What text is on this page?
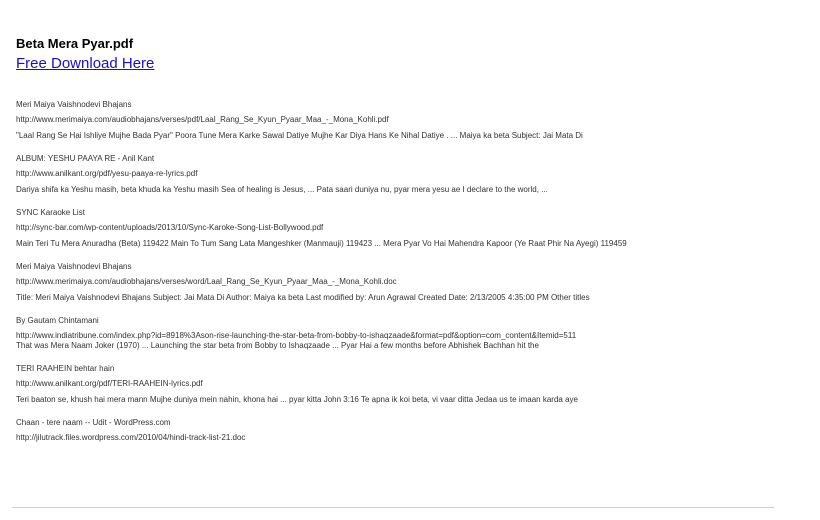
Beta Mera Pyar.pdf
Free Download Here
Meri Maiya Vaishnodevi Bhajans
http://www.merimaiya.com/audiobhajans/verses/pdf/Laal_Rang_Se_Kyun_Pyaar_Maa_-_Mona_Kohli.pdf
"Laal Rang Se Hai Ishliye Mujhe Bada Pyar" Poora Tune Mera Karke Sawal Datiye Mujhe Kar Diya Hans Ke Nihal Datiye . ... Maiya ka beta Subject: Jai Mata Di
ALBUM: YESHU PAAYA RE - Anil Kant
http://www.anilkant.org/pdf/yesu-paaya-re-lyrics.pdf
Dariya shifa ka Yeshu masih, beta khuda ka Yeshu masih Sea of healing is Jesus, ... Pata saari duniya nu, pyar mera yesu ae I declare to the world, ...
SYNC Karaoke List
http://sync-bar.com/wp-content/uploads/2013/10/Sync-Karoke-Song-List-Bollywood.pdf
Main Teri Tu Mera Anuradha (Beta) 119422 Main To Tum Sang Lata Mangeshker (Manmauji) 119423 ... Mera Pyar Vo Hai Mahendra Kapoor (Ye Raat Phir Na Ayegi) 119459
Meri Maiya Vaishnodevi Bhajans
http://www.merimaiya.com/audiobhajans/verses/word/Laal_Rang_Se_Kyun_Pyaar_Maa_-_Mona_Kohli.doc
Title: Meri Maiya Vaishnodevi Bhajans Subject: Jai Mata Di Author: Maiya ka beta Last modified by: Arun Agrawal Created Date: 2/13/2005 4:35:00 PM Other titles
By Gautam Chintamani
http://www.indiatribune.com/index.php?id=8918%3Ason-rise-launching-the-star-beta-from-bobby-to-ishaqzaade&format=pdf&option=com_content&Itemid=511
That was Mera Naam Joker (1970) ... Launching the star beta from Bobby to Ishaqzaade ... Pyar Hai a few months before Abhishek Bachhan hit the
TERI RAAHEIN behtar hain
http://www.anilkant.org/pdf/TERI-RAAHEIN-lyrics.pdf
Teri baaton se, khush hai mera mann Mujhe duniya mein nahin, khona hai ... pyar kitta John 3:16 Te apna ik koi beta, vi vaar ditta Jedaa us te imaan karda aye
Chaan - tere naam -- Udit - WordPress.com
http://jilutrack.files.wordpress.com/2010/04/hindi-track-list-21.doc
